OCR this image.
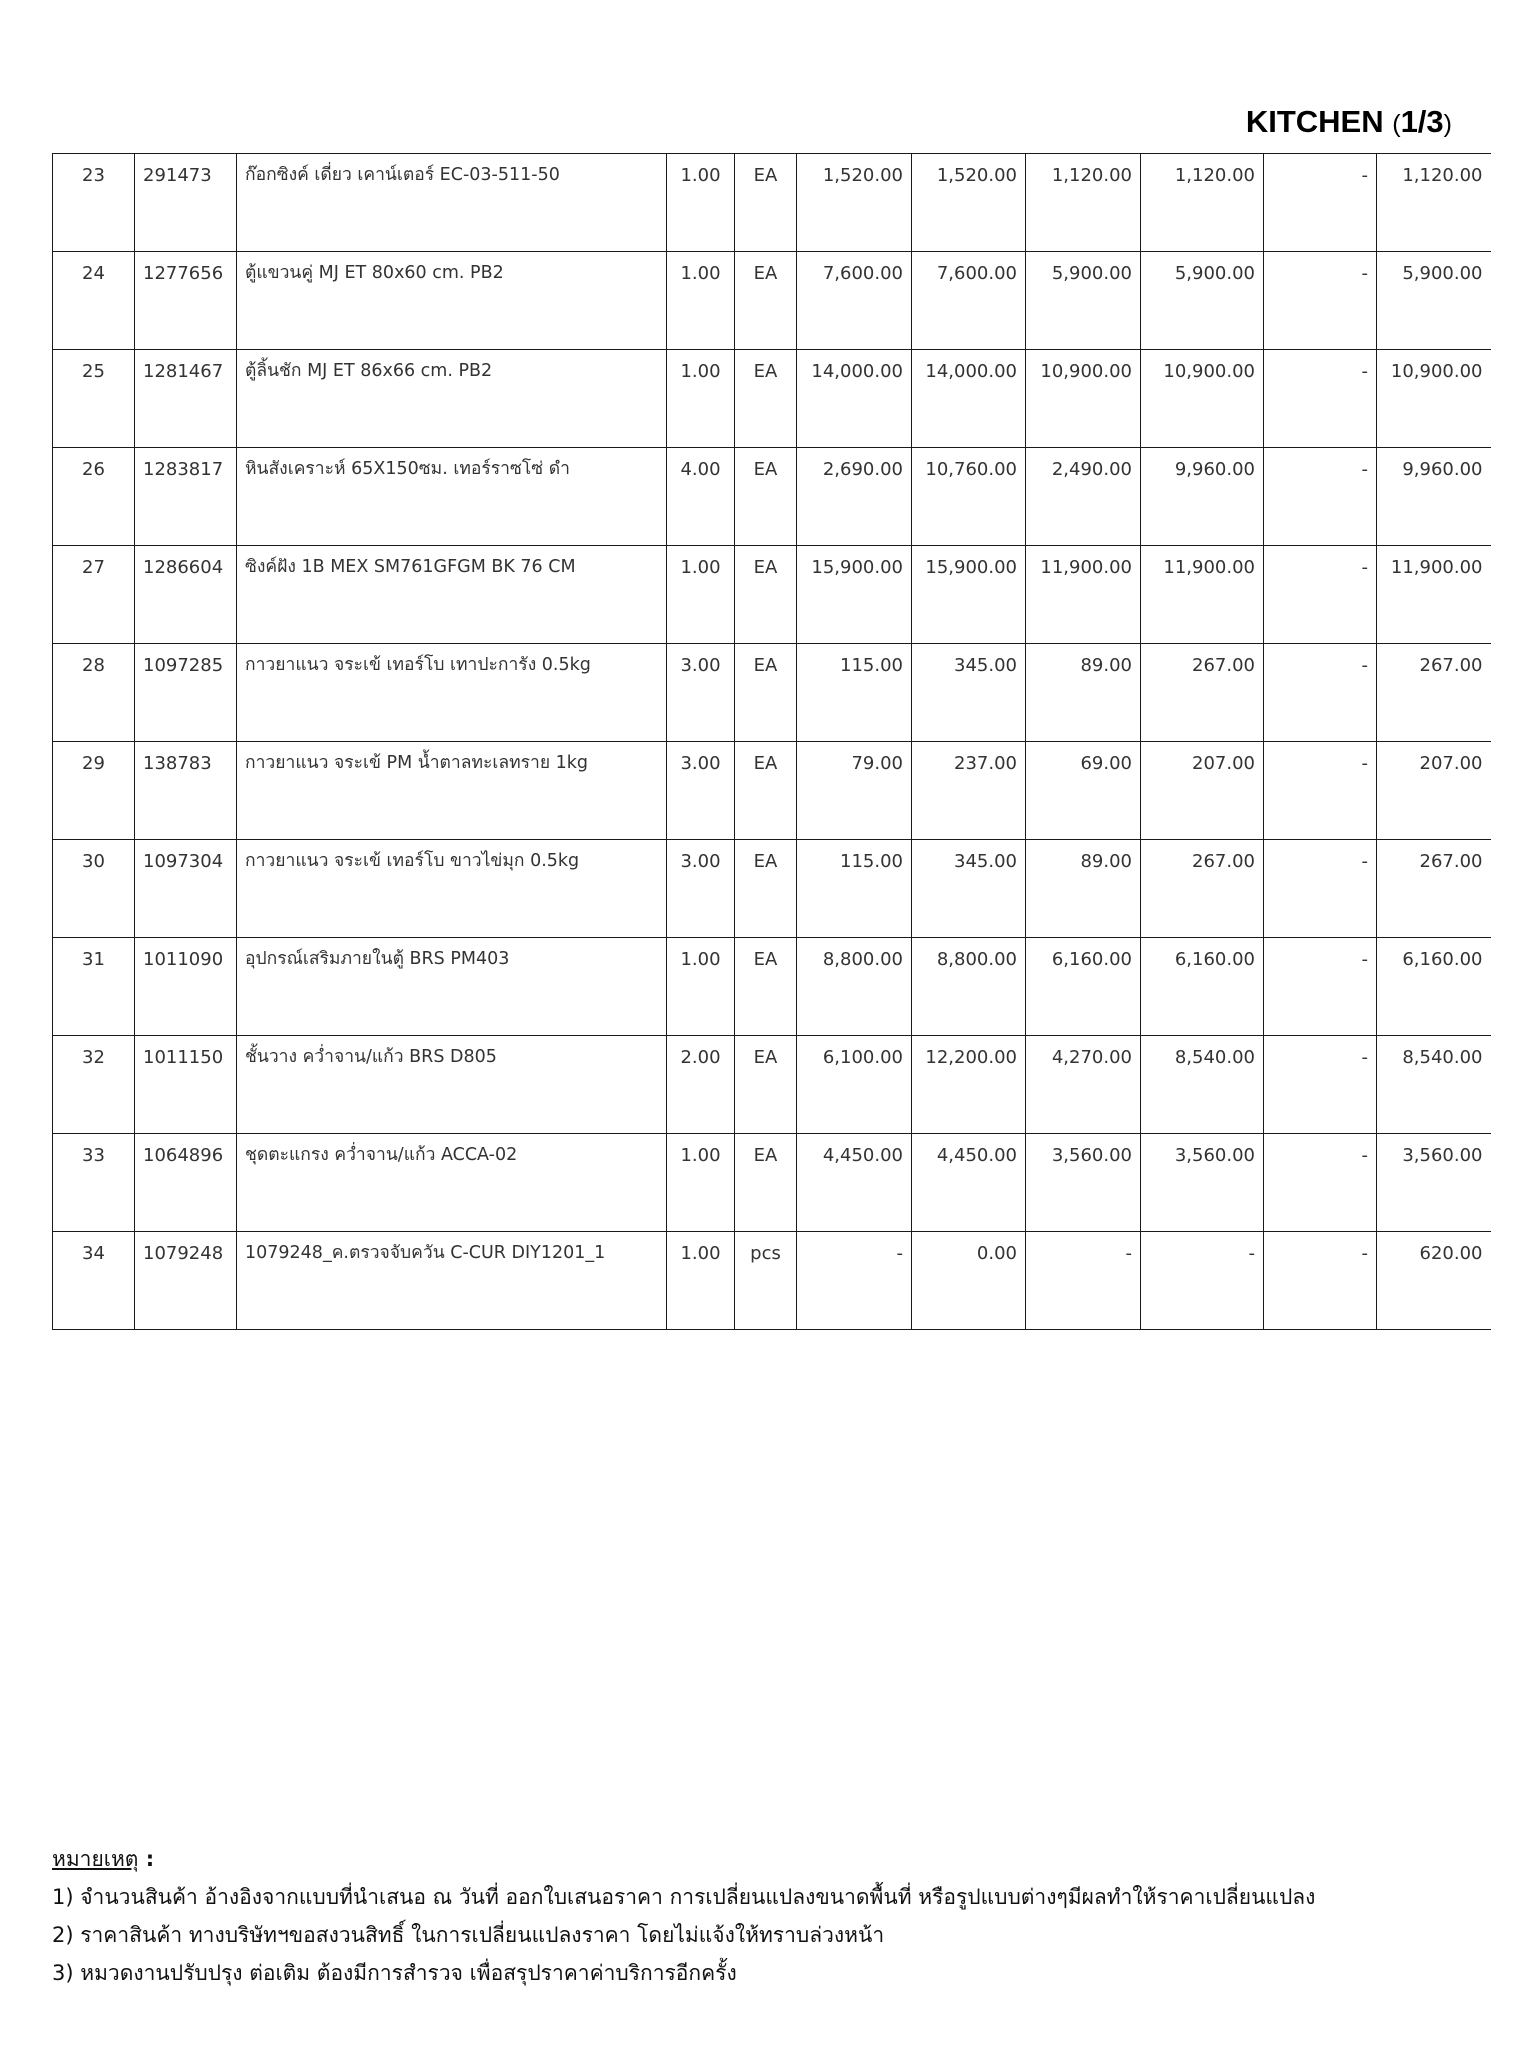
KITCHEN (1/3)
23	291473	ก๊อกซิงค์ เดี่ยว เคาน์เตอร์ EC-03-511-50	1.00	EA	1,520.00	1,520.00	1,120.00	1,120.00	-	1,120.00
24	1277656	ตู้แขวนคู่ MJ ET 80x60 cm. PB2	1.00	EA	7,600.00	7,600.00	5,900.00	5,900.00	-	5,900.00
25	1281467	ตู้ลิ้นชัก MJ ET 86x66 cm. PB2	1.00	EA	14,000.00	14,000.00	10,900.00	10,900.00	-	10,900.00
26	1283817	หินสังเคราะห์ 65X150ซม. เทอร์ราซโซ่ ดำ	4.00	EA	2,690.00	10,760.00	2,490.00	9,960.00	-	9,960.00
27	1286604	ซิงค์ฝัง 1B MEX SM761GFGM BK 76 CM	1.00	EA	15,900.00	15,900.00	11,900.00	11,900.00	-	11,900.00
28	1097285	กาวยาแนว จระเข้ เทอร์โบ เทาปะการัง 0.5kg	3.00	EA	115.00	345.00	89.00	267.00	-	267.00
29	138783	กาวยาแนว จระเข้ PM น้ำตาลทะเลทราย 1kg	3.00	EA	79.00	237.00	69.00	207.00	-	207.00
30	1097304	กาวยาแนว จระเข้ เทอร์โบ ขาวไข่มุก 0.5kg	3.00	EA	115.00	345.00	89.00	267.00	-	267.00
31	1011090	อุปกรณ์เสริมภายในตู้ BRS PM403	1.00	EA	8,800.00	8,800.00	6,160.00	6,160.00	-	6,160.00
32	1011150	ชั้นวาง คว่ำจาน/แก้ว BRS D805	2.00	EA	6,100.00	12,200.00	4,270.00	8,540.00	-	8,540.00
33	1064896	ชุดตะแกรง คว่ำจาน/แก้ว ACCA-02	1.00	EA	4,450.00	4,450.00	3,560.00	3,560.00	-	3,560.00
34	1079248	1079248_ค.ตรวจจับควัน C-CUR DIY1201_1	1.00	pcs	-	0.00	-	-	-	620.00
หมายเหตุ :
1) จำนวนสินค้า อ้างอิงจากแบบที่นำเสนอ ณ วันที่ ออกใบเสนอราคา การเปลี่ยนแปลงขนาดพื้นที่ หรือรูปแบบต่างๆมีผลทำให้ราคาเปลี่ยนแปลง
2) ราคาสินค้า ทางบริษัทฯขอสงวนสิทธิ์ ในการเปลี่ยนแปลงราคา โดยไม่แจ้งให้ทราบล่วงหน้า
3) หมวดงานปรับปรุง ต่อเติม ต้องมีการสำรวจ เพื่อสรุปราคาค่าบริการอีกครั้ง
